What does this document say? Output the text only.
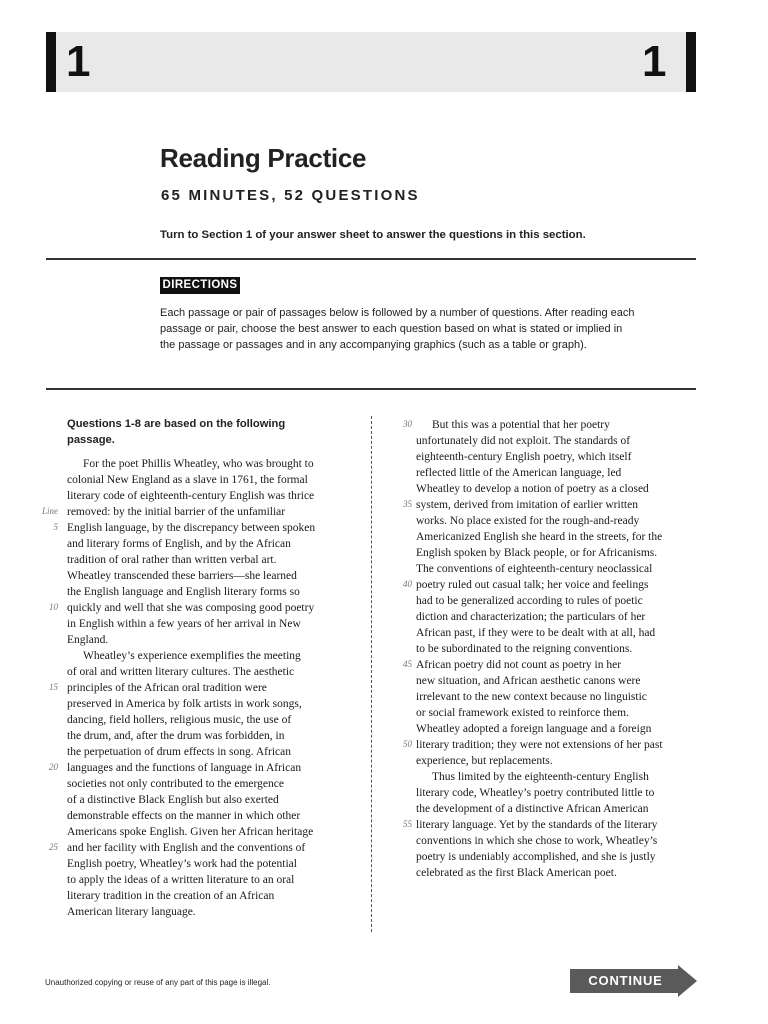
1	1
Reading Practice
65 MINUTES, 52 QUESTIONS
Turn to Section 1 of your answer sheet to answer the questions in this section.
DIRECTIONS

Each passage or pair of passages below is followed by a number of questions. After reading each passage or pair, choose the best answer to each question based on what is stated or implied in the passage or passages and in any accompanying graphics (such as a table or graph).

Questions 1-8 are based on the following passage.

For the poet Phillis Wheatley, who was brought to
colonial New England as a slave in 1761, the formal
literary code of eighteenth-century English was thrice
removed: by the initial barrier of the unfamiliar
English language, by the discrepancy between spoken
and literary forms of English, and by the African
tradition of oral rather than written verbal art.
Wheatley transcended these barriers—she learned
the English language and English literary forms so
quickly and well that she was composing good poetry
in English within a few years of her arrival in New
England.
Wheatley’s experience exemplifies the meeting
of oral and written literary cultures. The aesthetic
principles of the African oral tradition were
preserved in America by folk artists in work songs,
dancing, field hollers, religious music, the use of
the drum, and, after the drum was forbidden, in
the perpetuation of drum effects in song. African
languages and the functions of language in African
societies not only contributed to the emergence
of a distinctive Black English but also exerted
demonstrable effects on the manner in which other
Americans spoke English. Given her African heritage
and her facility with English and the conventions of
English poetry, Wheatley’s work had the potential
to apply the ideas of a written literature to an oral
literary tradition in the creation of an African
American literary language.
Line
5
10
15
20
25
But this was a potential that her poetry
unfortunately did not exploit. The standards of
eighteenth-century English poetry, which itself
reflected little of the American language, led
Wheatley to develop a notion of poetry as a closed
system, derived from imitation of earlier written
works. No place existed for the rough-and-ready
Americanized English she heard in the streets, for the
English spoken by Black people, or for Africanisms.
The conventions of eighteenth-century neoclassical
poetry ruled out casual talk; her voice and feelings
had to be generalized according to rules of poetic
diction and characterization; the particulars of her
African past, if they were to be dealt with at all, had
to be subordinated to the reigning conventions.
African poetry did not count as poetry in her
new situation, and African aesthetic canons were
irrelevant to the new context because no linguistic
or social framework existed to reinforce them.
Wheatley adopted a foreign language and a foreign
literary tradition; they were not extensions of her past
experience, but replacements.
Thus limited by the eighteenth-century English
literary code, Wheatley’s poetry contributed little to
the development of a distinctive African American
literary language. Yet by the standards of the literary
conventions in which she chose to work, Wheatley’s
poetry is undeniably accomplished, and she is justly
celebrated as the first Black American poet.
30
35
40
45
50
55
Unauthorized copying or reuse of any part of this page is illegal.	CONTINUE
